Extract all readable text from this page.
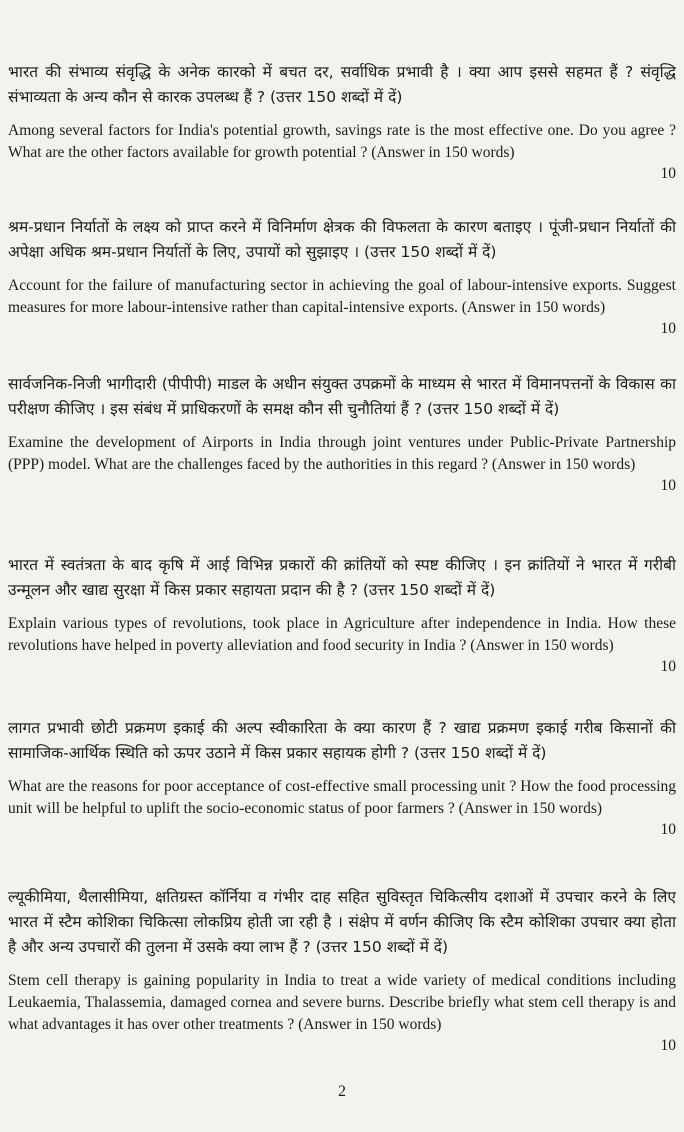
भारत की संभाव्य संवृद्धि के अनेक कारको में बचत दर, सर्वाधिक प्रभावी है । क्या आप इससे सहमत हैं ? संवृद्धि संभाव्यता के अन्य कौन से कारक उपलब्ध हैं ? (उत्तर 150 शब्दों में दें)

Among several factors for India's potential growth, savings rate is the most effective one. Do you agree ? What are the other factors available for growth potential ? (Answer in 150 words)

10

श्रम-प्रधान निर्यातों के लक्ष्य को प्राप्त करने में विनिर्माण क्षेत्रक की विफलता के कारण बताइए । पूंजी-प्रधान निर्यातों की अपेक्षा अधिक श्रम-प्रधान निर्यातों के लिए, उपायों को सुझाइए । (उत्तर 150 शब्दों में दें)

Account for the failure of manufacturing sector in achieving the goal of labour-intensive exports. Suggest measures for more labour-intensive rather than capital-intensive exports. (Answer in 150 words)

10

सार्वजनिक-निजी भागीदारी (पीपीपी) माडल के अधीन संयुक्त उपक्रमों के माध्यम से भारत में विमानपत्तनों के विकास का परीक्षण कीजिए । इस संबंध में प्राधिकरणों के समक्ष कौन सी चुनौतियां हैं ? (उत्तर 150 शब्दों में दें)

Examine the development of Airports in India through joint ventures under Public-Private Partnership (PPP) model. What are the challenges faced by the authorities in this regard ? (Answer in 150 words)

10

भारत में स्वतंत्रता के बाद कृषि में आई विभिन्न प्रकारों की क्रांतियों को स्पष्ट कीजिए । इन क्रांतियों ने भारत में गरीबी उन्मूलन और खाद्य सुरक्षा में किस प्रकार सहायता प्रदान की है ? (उत्तर 150 शब्दों में दें)

Explain various types of revolutions, took place in Agriculture after independence in India. How these revolutions have helped in poverty alleviation and food security in India ? (Answer in 150 words)

10

लागत प्रभावी छोटी प्रक्रमण इकाई की अल्प स्वीकारिता के क्या कारण हैं ? खाद्य प्रक्रमण इकाई गरीब किसानों की सामाजिक-आर्थिक स्थिति को ऊपर उठाने में किस प्रकार सहायक होगी ? (उत्तर 150 शब्दों में दें)

What are the reasons for poor acceptance of cost-effective small processing unit ? How the food processing unit will be helpful to uplift the socio-economic status of poor farmers ? (Answer in 150 words)

10

ल्यूकीमिया, थैलासीमिया, क्षतिग्रस्त कॉर्निया व गंभीर दाह सहित सुविस्तृत चिकित्सीय दशाओं में उपचार करने के लिए भारत में स्टैम कोशिका चिकित्सा लोकप्रिय होती जा रही है । संक्षेप में वर्णन कीजिए कि स्टैम कोशिका उपचार क्या होता है और अन्य उपचारों की तुलना में उसके क्या लाभ हैं ? (उत्तर 150 शब्दों में दें)

Stem cell therapy is gaining popularity in India to treat a wide variety of medical conditions including Leukaemia, Thalassemia, damaged cornea and severe burns. Describe briefly what stem cell therapy is and what advantages it has over other treatments ? (Answer in 150 words)

10

2
